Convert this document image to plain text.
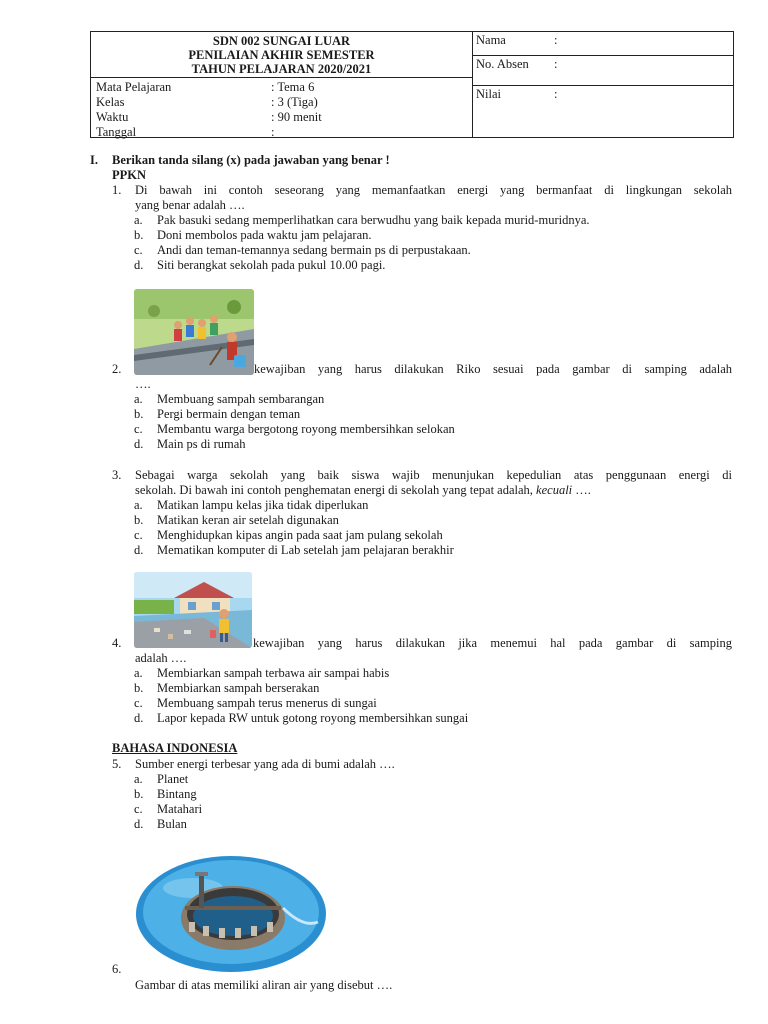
SDN 002 SUNGAI LUAR
PENILAIAN AKHIR SEMESTER
TAHUN PELAJARAN 2020/2021
Mata Pelajaran	: Tema 6
Kelas	: 3 (Tiga)
Waktu	: 90 menit
Tanggal	:
Nama	:
No. Absen :
Nilai	:
I. Berikan tanda silang (x) pada jawaban yang benar !
PPKN
1. Di bawah ini contoh seseorang yang memanfaatkan energi yang bermanfaat di lingkungan sekolah
yang benar adalah ….
a. Pak basuki sedang memperlihatkan cara berwudhu yang baik kepada murid-muridnya.
b. Doni membolos pada waktu jam pelajaran.
c. Andi dan teman-temannya sedang bermain ps di perpustakaan.
d. Siti berangkat sekolah pada pukul 10.00 pagi.
2.	kewajiban yang harus dilakukan Riko sesuai pada gambar di samping adalah
….
a. Membuang sampah sembarangan
b. Pergi bermain dengan teman
c. Membantu warga bergotong royong membersihkan selokan
d. Main ps di rumah
3. Sebagai warga sekolah yang baik siswa wajib menunjukan kepedulian atas penggunaan energi di
sekolah. Di bawah ini contoh penghematan energi di sekolah yang tepat adalah, kecuali ….
a. Matikan lampu kelas jika tidak diperlukan
b. Matikan keran air setelah digunakan
c. Menghidupkan kipas angin pada saat jam pulang sekolah
d. Mematikan komputer di Lab setelah jam pelajaran berakhir
4.	kewajiban yang harus dilakukan jika menemui hal pada gambar di samping
adalah ….
a. Membiarkan sampah terbawa air sampai habis
b. Membiarkan sampah berserakan
c. Membuang sampah terus menerus di sungai
d. Lapor kepada RW untuk gotong royong membersihkan sungai
BAHASA INDONESIA
5. Sumber energi terbesar yang ada di bumi adalah ….
a. Planet
b. Bintang
c. Matahari
d. Bulan
6.
Gambar di atas memiliki aliran air yang disebut ….
